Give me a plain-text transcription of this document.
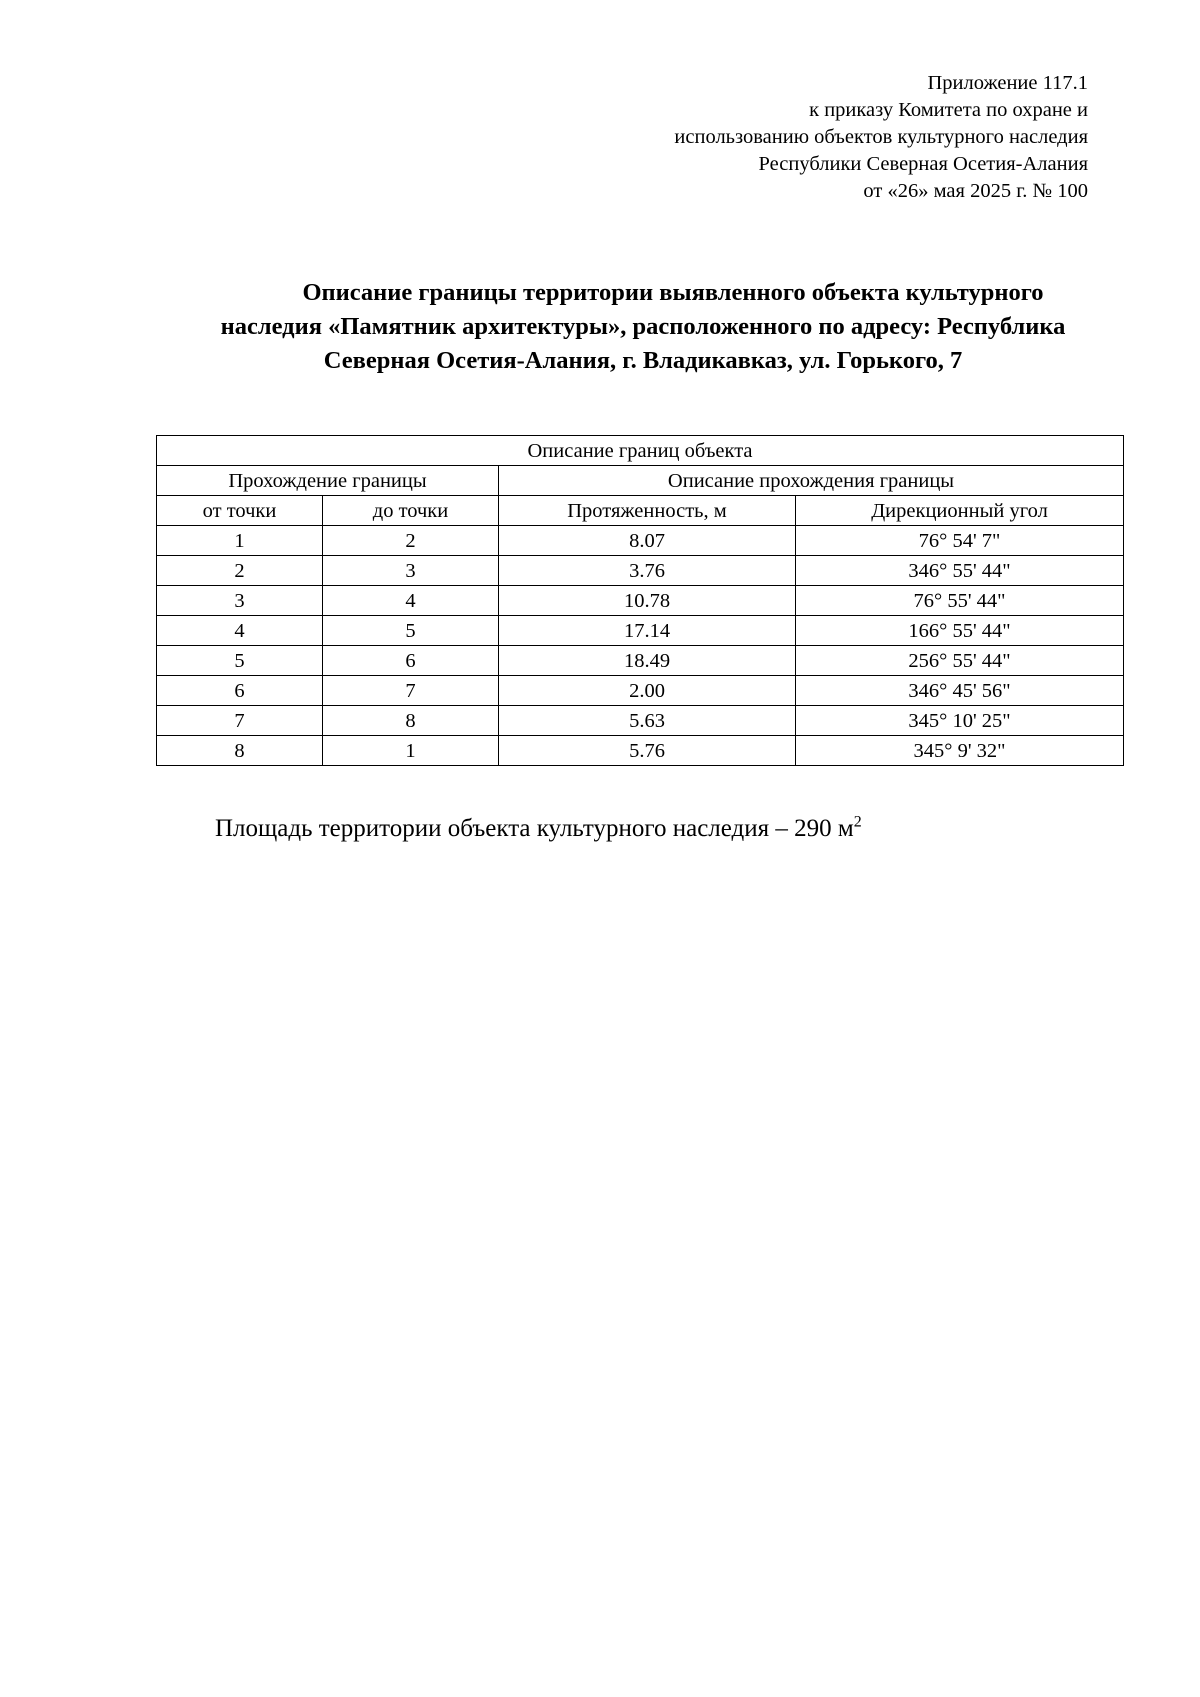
Приложение 117.1
к приказу Комитета по охране и
использованию объектов культурного наследия
Республики Северная Осетия-Алания
от «26» мая 2025 г. № 100
Описание границы территории выявленного объекта культурного
наследия «Памятник архитектуры», расположенного по адресу: Республика
Северная Осетия-Алания, г. Владикавказ, ул. Горького, 7
Описание границ объекта			
Прохождение границы		Описание прохождения границы	
от точки	до точки	Протяженность, м	Дирекционный угол
1	2	8.07	76° 54' 7"
2	3	3.76	346° 55' 44"
3	4	10.78	76° 55' 44"
4	5	17.14	166° 55' 44"
5	6	18.49	256° 55' 44"
6	7	2.00	346° 45' 56"
7	8	5.63	345° 10' 25"
8	1	5.76	345° 9' 32"
Площадь территории объекта культурного наследия – 290 $м^2$
